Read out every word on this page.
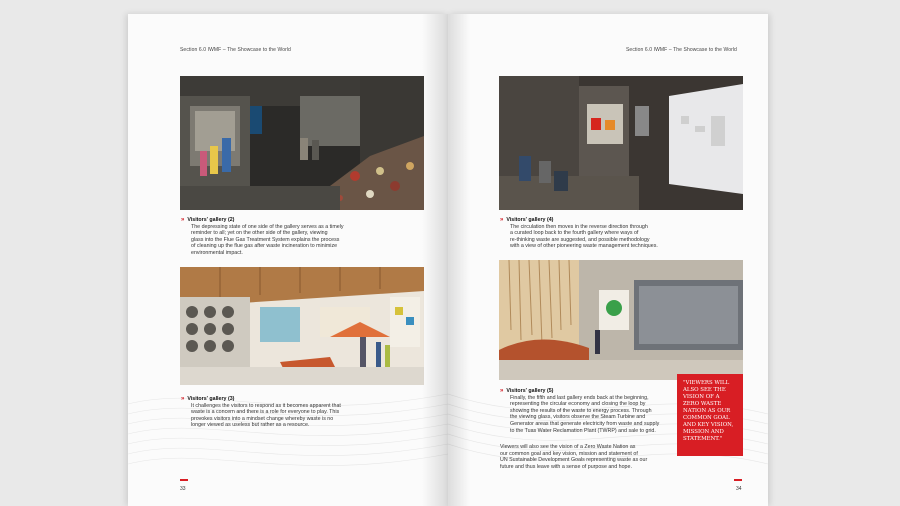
Section 6.0 IWMF – The Showcase to the World
» Visitors' gallery (2)
The depressing state of one side of the gallery serves as a timely
reminder to all; yet on the other side of the gallery, viewing
glass into the Flue Gas Treatment System explains the process
of cleaning up the flue gas after waste incineration to minimize
environmental impact.
» Visitors' gallery (3)
It challenges the visitors to respond as it becomes apparent that
waste is a concern and there is a role for everyone to play. This
provokes visitors into a mindset change whereby waste is no
longer viewed as useless but rather as a resource.
33
Section 6.0 IWMF – The Showcase to the World
» Visitors' gallery (4)
The circulation then moves in the reverse direction through
a curated loop back to the fourth gallery where ways of
re-thinking waste are suggested, and possible methodology
with a view of other pioneering waste management techniques.
» Visitors' gallery (5)
Finally, the fifth and last gallery ends back at the beginning,
representing the circular economy and closing the loop by
showing the results of the waste to energy process. Through
the viewing glass, visitors observe the Steam Turbine and
Generator areas that generate electricity from waste and supply
to the Tuas Water Reclamation Plant (TWRP) and sale to grid.
Viewers will also see the vision of a Zero Waste Nation as
our common goal and key vision, mission and statement of
UN Sustainable Development Goals representing waste as our
future and thus leave with a sense of purpose and hope.
34
"VIEWERS WILL ALSO SEE THE VISION OF A ZERO WASTE NATION AS OUR COMMON GOAL AND KEY VISION, MISSION AND STATEMENT."
